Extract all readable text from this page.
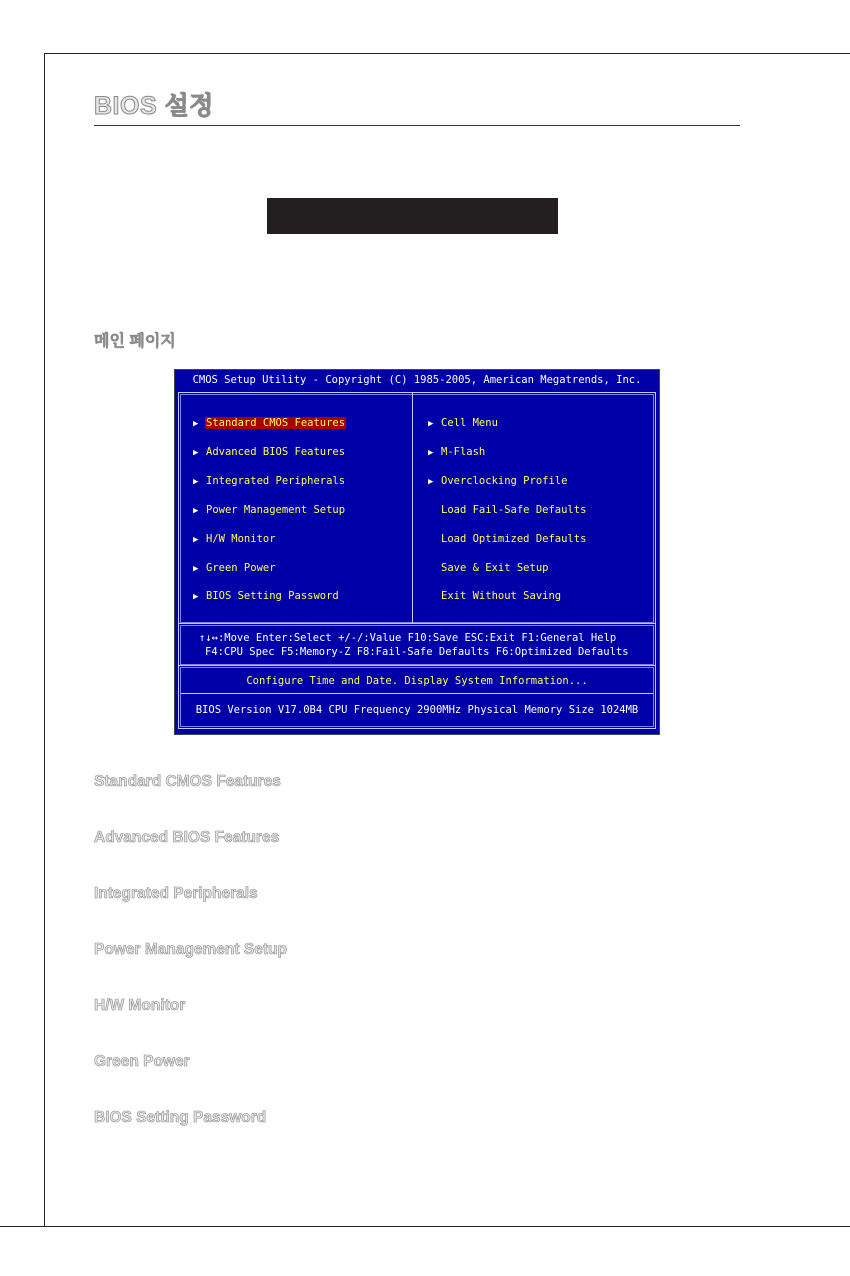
BIOS 설정
메인 페이지
CMOS Setup Utility - Copyright (C) 1985-2005, American Megatrends, Inc.
▶ Standard CMOS Features
▶ Advanced BIOS Features
▶ Integrated Peripherals
▶ Power Management Setup
▶ H/W Monitor
▶ Green Power
▶ BIOS Setting Password
▶ Cell Menu
▶ M-Flash
▶ Overclocking Profile
Load Fail-Safe Defaults
Load Optimized Defaults
Save & Exit Setup
Exit Without Saving
↑↓↔:Move Enter:Select +/-/:Value F10:Save ESC:Exit F1:General Help
F4:CPU Spec F5:Memory-Z F8:Fail-Safe Defaults F6:Optimized Defaults
Configure Time and Date. Display System Information...
BIOS Version V17.0B4 CPU Frequency 2900MHz Physical Memory Size 1024MB
Standard CMOS Features
Advanced BIOS Features
Integrated Peripherals
Power Management Setup
H/W Monitor
Green Power
BIOS Setting Password
